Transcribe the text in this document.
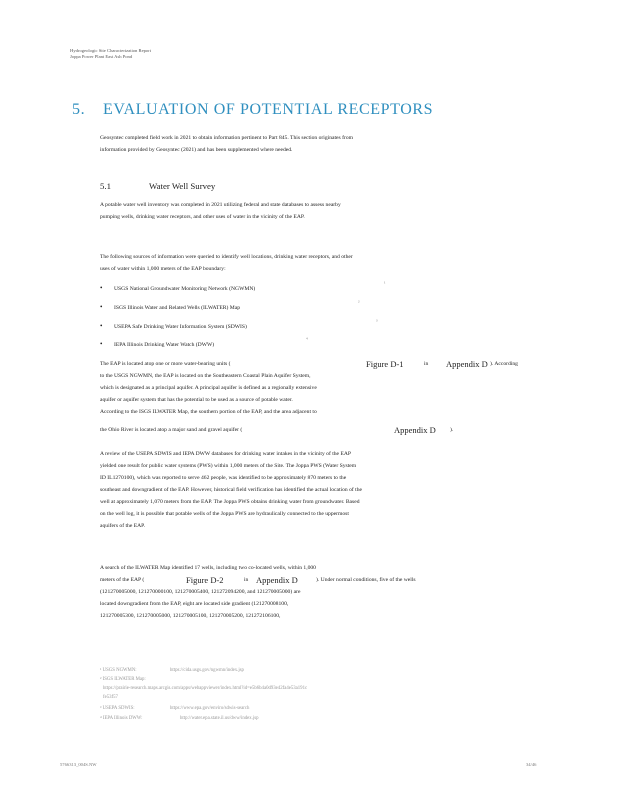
Hydrogeologic Site Characterization Report
Joppa Power Plant East Ash Pond
5. EVALUATION OF POTENTIAL RECEPTORS

Geosyntec completed field work in 2021 to obtain information pertinent to Part 845. This section originates from information provided by Geosyntec (2021) and has been supplemented where needed.

5.1	Water Well Survey

A potable water well inventory was completed in 2021 utilizing federal and state databases to assess nearby pumping wells, drinking water receptors, and other uses of water in the vicinity of the EAP.

The following sources of information were queried to identify well locations, drinking water receptors, and other uses of water within 1,000 meters of the EAP boundary:

• USGS National Groundwater Monitoring Network (NGWMN)
¹
• ISGS Illinois Water and Related Wells (ILWATER) Map
²
• USEPA Safe Drinking Water Information System (SDWIS)
³
• IEPA Illinois Drinking Water Watch (DWW)
⁴
The EAP is located atop one or more water-bearing units (	Figure D-1	in Appendix D ). According
to the USGS NGWMN, the EAP is located on the Southeastern Coastal Plain Aquifer System,
which is designated as a principal aquifer. A principal aquifer is defined as a regionally extensive
aquifer or aquifer system that has the potential to be used as a source of potable water.
According to the ISGS ILWATER Map, the southern portion of the EAP, and the area adjacent to
the Ohio River is located atop a major sand and gravel aquifer (	Appendix D	).

A review of the USEPA SDWIS and IEPA DWW databases for drinking water intakes in the vicinity of the EAP yielded one result for public water systems (PWS) within 1,000 meters of the Site. The Joppa PWS (Water System ID IL1270100), which was reported to serve 462 people, was identified to be approximately 870 meters to the southeast and downgradient of the EAP. However, historical field verification has identified the actual location of the well at approximately 1,070 meters from the EAP. The Joppa PWS obtains drinking water from groundwater. Based on the well log, it is possible that potable wells of the Joppa PWS are hydraulically connected to the uppermost aquifers of the EAP.

A search of the ILWATER Map identified 17 wells, including two co-located wells, within 1,000
meters of the EAP (	Figure D-2	in Appendix D	). Under normal conditions, five of the wells
(121270005000, 121270000100, 121270005400, 121272094200, and 121270005000) are
located downgradient from the EAP, eight are located side gradient (121270008100,
121270005300, 121270005000, 121270005100, 121270005200, 121272106100,
¹ USGS NGWMN:	https://cida.usgs.gov/ngwmn/index.jsp
² ISGS ILWATER Map:
https://prairie-research.maps.arcgis.com/apps/webappviewer/index.html?id=e5b6b4a0d93e42fa4e53a191c
fe53f57
³ USEPA SDWIS:	https://www.epa.gov/enviro/sdwis-search
⁴ IEPA Illinois DWW:	http://water.epa.state.il.us/dww/index.jsp
5766313_004S.NW	34/46
